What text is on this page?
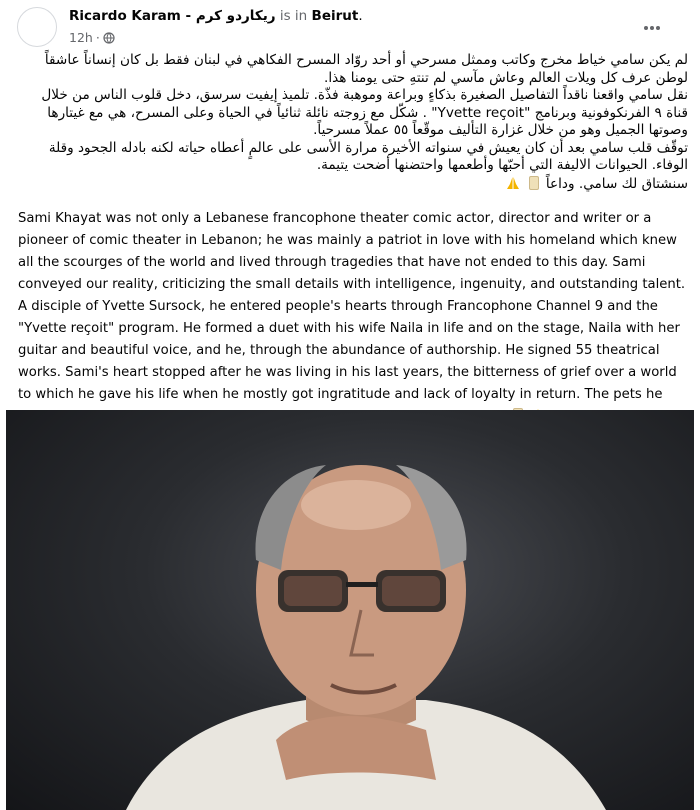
Ricardo Karam - ريكاردو كرم is in Beirut.
12h ·

لم يكن سامي خياط مخرج وكاتب وممثل مسرحي أو أحد روّاد المسرح الفكاهي في لبنان فقط بل كان إنساناً عاشقاً لوطن عرف كل ويلات العالم وعاش مآسي لم تنتهِ حتى يومنا هذا.

نقل سامي واقعنا ناقداً التفاصيل الصغيرة بذكاءٍ وبراعة وموهبة فذّة. تلميذ إيفيت سرسق، دخل قلوب الناس من خلال قناة ٩ الفرنكوفونية وبرنامج "Yvette reçoit" . شكّل مع زوجته نائلة ثنائياً في الحياة وعلى المسرح، هي مع غيتارها وصوتها الجميل وهو من خلال غزارة التأليف موقّعاً ٥٥ عملاً مسرحياً.

توقّف قلب سامي بعد أن كان يعيش في سنواته الأخيرة مرارة الأسى على عالمٍ أعطاه حياته لكنه بادله الجحود وقلة الوفاء. الحيوانات الاليفة التي أحبّها وأطعمها واحتضنها أضحت يتيمة.

سنشتاق لك سامي. وداعاً

Sami Khayat was not only a Lebanese francophone theater comic actor, director and writer or a pioneer of comic theater in Lebanon; he was mainly a patriot in love with his homeland which knew all the scourges of the world and lived through tragedies that have not ended to this day. Sami conveyed our reality, criticizing the small details with intelligence, ingenuity, and outstanding talent. A disciple of Yvette Sursock, he entered people's hearts through Francophone Channel 9 and the "Yvette reçoit" program. He formed a duet with his wife Naila in life and on the stage, Naila with her guitar and beautiful voice, and he, through the abundance of authorship. He signed 55 theatrical works. Sami's heart stopped after he was living in his last years, the bitterness of grief over a world to which he gave his life when he mostly got ingratitude and lack of loyalty in return. The pets he
